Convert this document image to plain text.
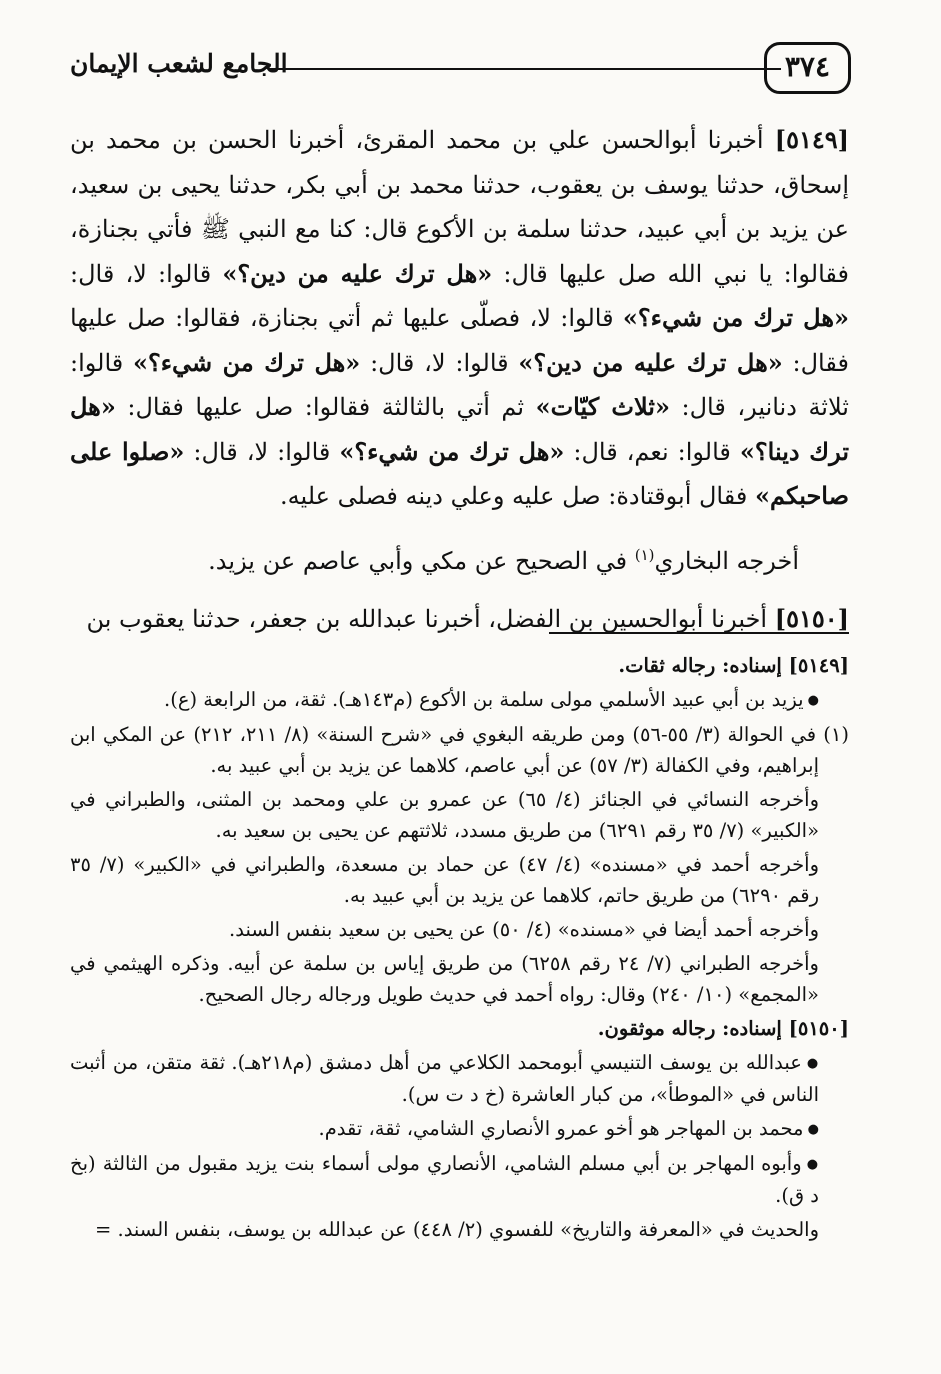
٣٧٤
الجامع لشعب الإيمان

[٥١٤٩] أخبرنا أبوالحسن علي بن محمد المقرئ، أخبرنا الحسن بن محمد بن إسحاق، حدثنا يوسف بن يعقوب، حدثنا محمد بن أبي بكر، حدثنا يحيى بن سعيد، عن يزيد بن أبي عبيد، حدثنا سلمة بن الأكوع قال: كنا مع النبي ﷺ فأتي بجنازة، فقالوا: يا نبي الله صل عليها قال: «هل ترك عليه من دين؟» قالوا: لا، قال: «هل ترك من شيء؟» قالوا: لا، فصلّى عليها ثم أتي بجنازة، فقالوا: صل عليها فقال: «هل ترك عليه من دين؟» قالوا: لا، قال: «هل ترك من شيء؟» قالوا: ثلاثة دنانير، قال: «ثلاث كيّات» ثم أتي بالثالثة فقالوا: صل عليها فقال: «هل ترك دينا؟» قالوا: نعم، قال: «هل ترك من شيء؟» قالوا: لا، قال: «صلوا على صاحبكم» فقال أبوقتادة: صل عليه وعلي دينه فصلى عليه.

أخرجه البخاري$^{(١)}$ في الصحيح عن مكي وأبي عاصم عن يزيد.

[٥١٥٠] أخبرنا أبوالحسين بن الفضل، أخبرنا عبدالله بن جعفر، حدثنا يعقوب بن

[٥١٤٩] إسناده: رجاله ثقات.

● يزيد بن أبي عبيد الأسلمي مولى سلمة بن الأكوع (م١٤٣هـ). ثقة، من الرابعة (ع).

(١) في الحوالة (٣/ ٥٥-٥٦) ومن طريقه البغوي في «شرح السنة» (٨/ ٢١١، ٢١٢) عن المكي ابن إبراهيم، وفي الكفالة (٣/ ٥٧) عن أبي عاصم، كلاهما عن يزيد بن أبي عبيد به.

وأخرجه النسائي في الجنائز (٤/ ٦٥) عن عمرو بن علي ومحمد بن المثنى، والطبراني في «الكبير» (٧/ ٣٥ رقم ٦٢٩١) من طريق مسدد، ثلاثتهم عن يحيى بن سعيد به.

وأخرجه أحمد في «مسنده» (٤/ ٤٧) عن حماد بن مسعدة، والطبراني في «الكبير» (٧/ ٣٥ رقم ٦٢٩٠) من طريق حاتم، كلاهما عن يزيد بن أبي عبيد به.

وأخرجه أحمد أيضا في «مسنده» (٤/ ٥٠) عن يحيى بن سعيد بنفس السند.

وأخرجه الطبراني (٧/ ٢٤ رقم ٦٢٥٨) من طريق إياس بن سلمة عن أبيه. وذكره الهيثمي في «المجمع» (١٠/ ٢٤٠) وقال: رواه أحمد في حديث طويل ورجاله رجال الصحيح.

[٥١٥٠] إسناده: رجاله موثقون.

● عبدالله بن يوسف التنيسي أبومحمد الكلاعي من أهل دمشق (م٢١٨هـ). ثقة متقن، من أثبت الناس في «الموطأ»، من كبار العاشرة (خ د ت س).

● محمد بن المهاجر هو أخو عمرو الأنصاري الشامي، ثقة، تقدم.

● وأبوه المهاجر بن أبي مسلم الشامي، الأنصاري مولى أسماء بنت يزيد مقبول من الثالثة (بخ د ق).

والحديث في «المعرفة والتاريخ» للفسوي (٢/ ٤٤٨) عن عبدالله بن يوسف، بنفس السند. =
